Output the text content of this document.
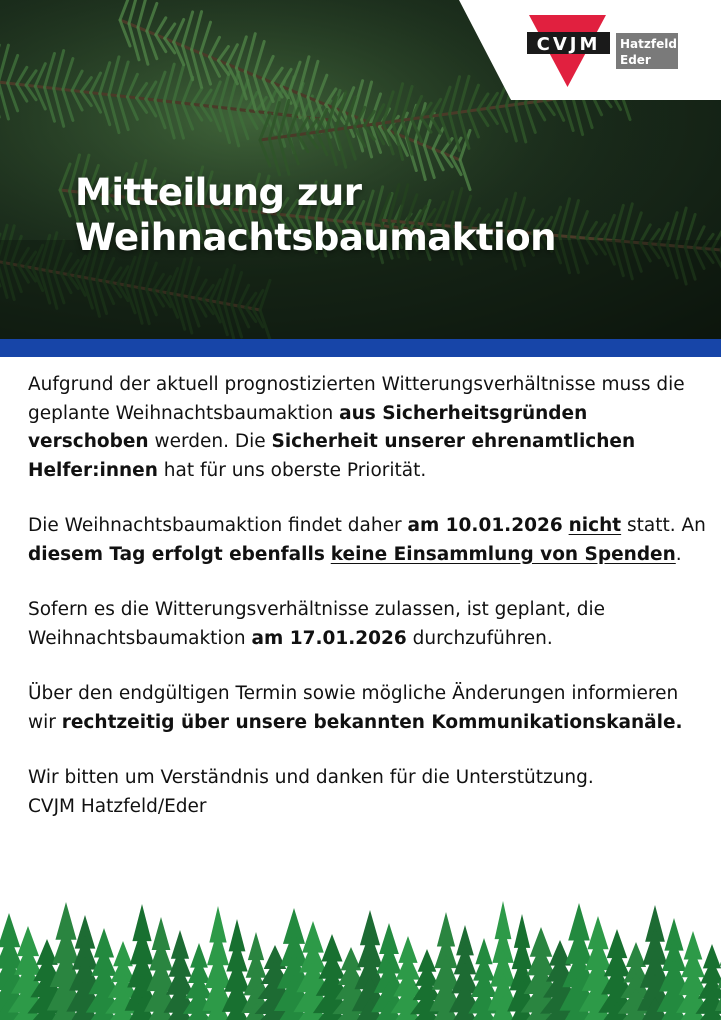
Mitteilung zur
Weihnachtsbaumaktion
CVJM Hatzfeld
Eder

Aufgrund der aktuell prognostizierten Witterungsverhältnisse muss die geplante Weihnachtsbaumaktion aus Sicherheitsgründen verschoben werden. Die Sicherheit unserer ehrenamtlichen Helfer:innen hat für uns oberste Priorität.

Die Weihnachtsbaumaktion findet daher am 10.01.2026 nicht statt. An diesem Tag erfolgt ebenfalls keine Einsammlung von Spenden.

Sofern es die Witterungsverhältnisse zulassen, ist geplant, die Weihnachtsbaumaktion am 17.01.2026 durchzuführen.

Über den endgültigen Termin sowie mögliche Änderungen informieren wir rechtzeitig über unsere bekannten Kommunikationskanäle.

Wir bitten um Verständnis und danken für die Unterstützung.
CVJM Hatzfeld/Eder
